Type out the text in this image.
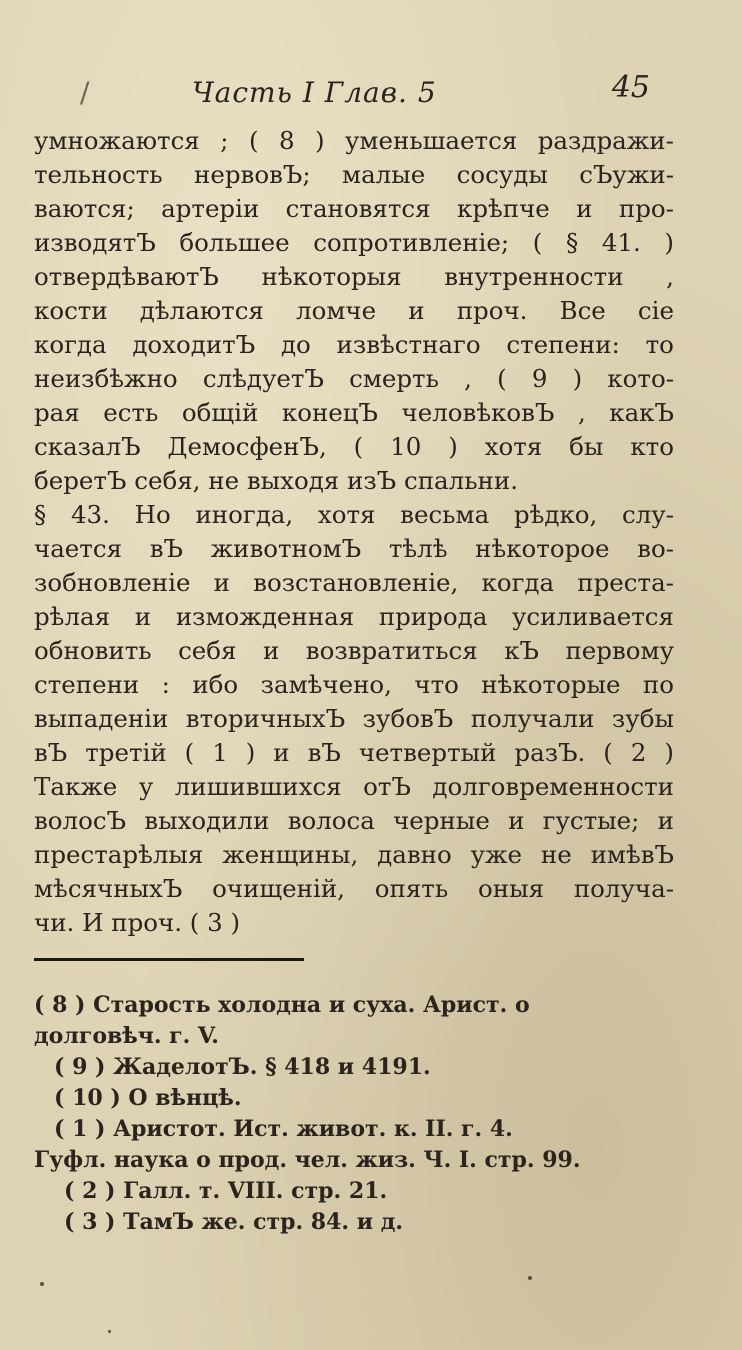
/	Часть I Глав. 5	45
умножаются ; ( 8 ) уменьшается раздражи-
тельность нервовЪ; малые сосуды сЪужи-
ваются; артеріи становятся крѣпче и про-
изводятЪ большее сопротивленіе; ( § 41. )
отвердѣваютЪ нѣкоторыя внутренности ,
кости дѣлаются ломче и проч. Все сіе
когда доходитЪ до извѣстнаго степени: то
неизбѣжно слѣдуетЪ смерть , ( 9 ) кото-
рая есть общій конецЪ человѣковЪ , какЪ
сказалЪ ДемосфенЪ, ( 10 ) хотя бы кто
беретЪ себя, не выходя изЪ спальни.
§ 43. Но иногда, хотя весьма рѣдко, слу-
чается вЪ животномЪ тѣлѣ нѣкоторое во-
зобновленіе и возстановленіе, когда преста-
рѣлая и изможденная природа усиливается
обновить себя и возвратиться кЪ первому
степени : ибо замѣчено, что нѣкоторые по
выпаденіи вторичныхЪ зубовЪ получали зубы
вЪ третій ( 1 ) и вЪ четвертый разЪ. ( 2 )
Также у лишившихся отЪ долговременности
волосЪ выходили волоса черные и густые; и
престарѣлыя женщины, давно уже не имѣвЪ
мѣсячныхЪ очищеній, опять оныя получа-
чи. И проч. ( 3 )
( 8 ) Старость холодна и суха. Арист. о
долговѣч. г. V.
( 9 ) ЖаделотЪ. § 418 и 4191.
( 10 ) О вѣнцѣ.
( 1 ) Аристот. Ист. живот. к. II. г. 4.
Гуфл. наука о прод. чел. жиз. Ч. I. стр. 99.
( 2 ) Галл. т. VIII. стр. 21.
( 3 ) ТамЪ же. стр. 84. и д.
